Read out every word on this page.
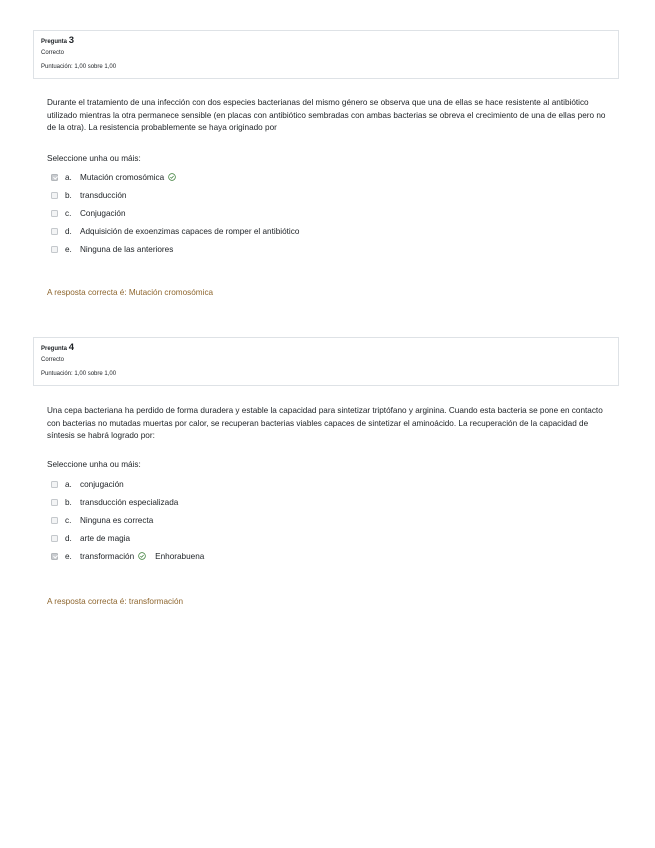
Pregunta 3
Correcto
Puntuación: 1,00 sobre 1,00

Durante el tratamiento de una infección con dos especies bacterianas del mismo género se observa que una de ellas se hace resistente al antibiótico utilizado mientras la otra permanece sensible (en placas con antibiótico sembradas con ambas bacterias se obreva el crecimiento de una de ellas pero no de la otra). La resistencia probablemente se haya originado por

Seleccione unha ou máis:
a. Mutación cromosómica
b. transducción
c.	Conjugación
d. Adquisición de exoenzimas capaces de romper el antibiótico
e. Ninguna de las anteriores
A resposta correcta é: Mutación cromosómica
Pregunta 4
Correcto
Puntuación: 1,00 sobre 1,00

Una cepa bacteriana ha perdido de forma duradera y estable la capacidad para sintetizar triptófano y arginina. Cuando esta bacteria se pone en contacto con bacterias no mutadas muertas por calor, se recuperan bacterias viables capaces de sintetizar el aminoácido. La recuperación de la capacidad de síntesis se habrá logrado por:

Seleccione unha ou máis:
a. conjugación
b. transducción especializada
c.	Ninguna es correcta
d. arte de magia
e. transformación	Enhorabuena
A resposta correcta é: transformación
